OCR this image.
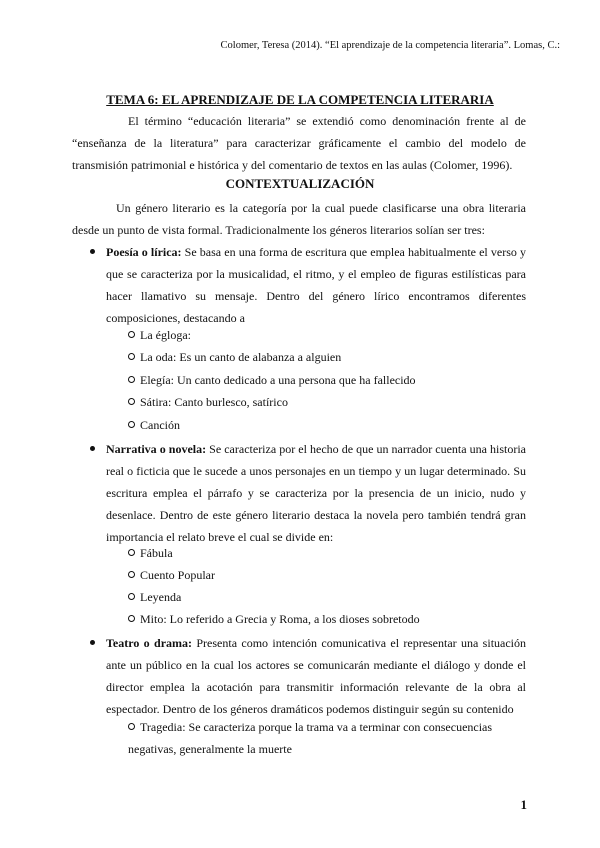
Colomer, Teresa (2014). “El aprendizaje de la competencia literaria”. Lomas, C.:
TEMA 6: EL APRENDIZAJE DE LA COMPETENCIA LITERARIA
El término “educación literaria” se extendió como denominación frente al de “enseñanza de la literatura” para caracterizar gráficamente el cambio del modelo de transmisión patrimonial e histórica y del comentario de textos en las aulas (Colomer, 1996).
CONTEXTUALIZACIÓN
Un género literario es la categoría por la cual puede clasificarse una obra literaria desde un punto de vista formal. Tradicionalmente los géneros literarios solían ser tres:
Poesía o lírica: Se basa en una forma de escritura que emplea habitualmente el verso y que se caracteriza por la musicalidad, el ritmo, y el empleo de figuras estilísticas para hacer llamativo su mensaje. Dentro del género lírico encontramos diferentes composiciones, destacando a
La égloga:
La oda: Es un canto de alabanza a alguien
Elegía: Un canto dedicado a una persona que ha fallecido
Sátira: Canto burlesco, satírico
Canción
Narrativa o novela: Se caracteriza por el hecho de que un narrador cuenta una historia real o ficticia que le sucede a unos personajes en un tiempo y un lugar determinado. Su escritura emplea el párrafo y se caracteriza por la presencia de un inicio, nudo y desenlace. Dentro de este género literario destaca la novela pero también tendrá gran importancia el relato breve el cual se divide en:
Fábula
Cuento Popular
Leyenda
Mito: Lo referido a Grecia y Roma, a los dioses sobretodo
Teatro o drama: Presenta como intención comunicativa el representar una situación ante un público en la cual los actores se comunicarán mediante el diálogo y donde el director emplea la acotación para transmitir información relevante de la obra al espectador. Dentro de los géneros dramáticos podemos distinguir según su contenido
Tragedia: Se caracteriza porque la trama va a terminar con consecuencias negativas, generalmente la muerte
1
